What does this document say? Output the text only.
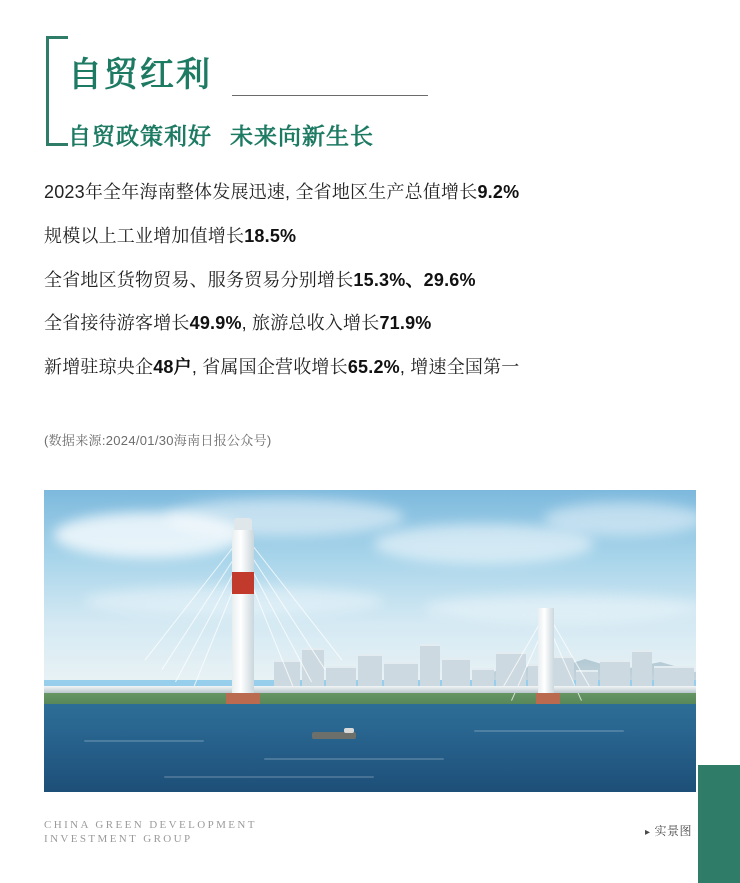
自贸红利
自贸政策利好 未来向新生长
2023年全年海南整体发展迅速, 全省地区生产总值增长9.2%
规模以上工业增加值增长18.5%
全省地区货物贸易、服务贸易分别增长15.3%、29.6%
全省接待游客增长49.9%, 旅游总收入增长71.9%
新增驻琼央企48户, 省属国企营收增长65.2%, 增速全国第一
(数据来源:2024/01/30海南日报公众号)
CHINA GREEN DEVELOPMENT
INVESTMENT GROUP
▸ 实景图
